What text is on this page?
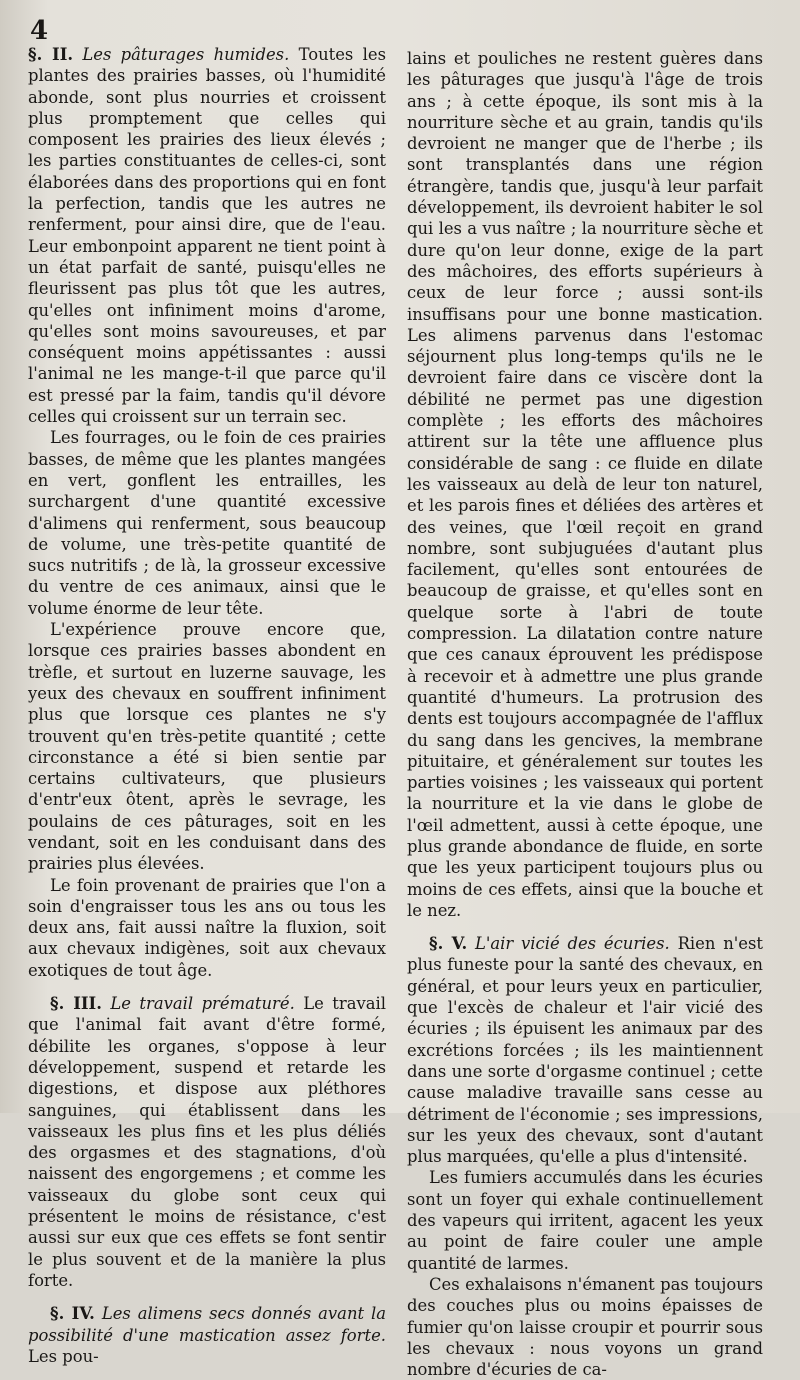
4

§. II. Les pâturages humides. Toutes les plantes des prairies basses, où l'humidité abonde, sont plus nourries et croissent plus promptement que celles qui composent les prairies des lieux élevés ; les parties constituantes de celles-ci, sont élaborées dans des proportions qui en font la perfection, tandis que les autres ne renferment, pour ainsi dire, que de l'eau. Leur embonpoint apparent ne tient point à un état parfait de santé, puisqu'elles ne fleurissent pas plus tôt que les autres, qu'elles ont infiniment moins d'arome, qu'elles sont moins savoureuses, et par conséquent moins appétissantes : aussi l'animal ne les mange-t-il que parce qu'il est pressé par la faim, tandis qu'il dévore celles qui croissent sur un terrain sec.

Les fourrages, ou le foin de ces prairies basses, de même que les plantes mangées en vert, gonflent les entrailles, les surchargent d'une quantité excessive d'alimens qui renferment, sous beaucoup de volume, une très-petite quantité de sucs nutritifs ; de là, la grosseur excessive du ventre de ces animaux, ainsi que le volume énorme de leur tête.

L'expérience prouve encore que, lorsque ces prairies basses abondent en trèfle, et surtout en luzerne sauvage, les yeux des chevaux en souffrent infiniment plus que lorsque ces plantes ne s'y trouvent qu'en très-petite quantité ; cette circonstance a été si bien sentie par certains cultivateurs, que plusieurs d'entr'eux ôtent, après le sevrage, les poulains de ces pâturages, soit en les vendant, soit en les conduisant dans des prairies plus élevées.

Le foin provenant de prairies que l'on a soin d'engraisser tous les ans ou tous les deux ans, fait aussi naître la fluxion, soit aux chevaux indigènes, soit aux chevaux exotiques de tout âge.

§. III. Le travail prématuré. Le travail que l'animal fait avant d'être formé, débilite les organes, s'oppose à leur développement, suspend et retarde les digestions, et dispose aux pléthores sanguines, qui établissent dans les vaisseaux les plus fins et les plus déliés des orgasmes et des stagnations, d'où naissent des engorgemens ; et comme les vaisseaux du globe sont ceux qui présentent le moins de résistance, c'est aussi sur eux que ces effets se font sentir le plus souvent et de la manière la plus forte.

§. IV. Les alimens secs donnés avant la possibilité d'une mastication assez forte. Les pou-

lains et pouliches ne restent guères dans les pâturages que jusqu'à l'âge de trois ans ; à cette époque, ils sont mis à la nourriture sèche et au grain, tandis qu'ils devroient ne manger que de l'herbe ; ils sont transplantés dans une région étrangère, tandis que, jusqu'à leur parfait développement, ils devroient habiter le sol qui les a vus naître ; la nourriture sèche et dure qu'on leur donne, exige de la part des mâchoires, des efforts supérieurs à ceux de leur force ; aussi sont-ils insuffisans pour une bonne mastication. Les alimens parvenus dans l'estomac séjournent plus long-temps qu'ils ne le devroient faire dans ce viscère dont la débilité ne permet pas une digestion complète ; les efforts des mâchoires attirent sur la tête une affluence plus considérable de sang : ce fluide en dilate les vaisseaux au delà de leur ton naturel, et les parois fines et déliées des artères et des veines, que l'œil reçoit en grand nombre, sont subjuguées d'autant plus facilement, qu'elles sont entourées de beaucoup de graisse, et qu'elles sont en quelque sorte à l'abri de toute compression. La dilatation contre nature que ces canaux éprouvent les prédispose à recevoir et à admettre une plus grande quantité d'humeurs. La protrusion des dents est toujours accompagnée de l'afflux du sang dans les gencives, la membrane pituitaire, et généralement sur toutes les parties voisines ; les vaisseaux qui portent la nourriture et la vie dans le globe de l'œil admettent, aussi à cette époque, une plus grande abondance de fluide, en sorte que les yeux participent toujours plus ou moins de ces effets, ainsi que la bouche et le nez.

§. V. L'air vicié des écuries. Rien n'est plus funeste pour la santé des chevaux, en général, et pour leurs yeux en particulier, que l'excès de chaleur et l'air vicié des écuries ; ils épuisent les animaux par des excrétions forcées ; ils les maintiennent dans une sorte d'orgasme continuel ; cette cause maladive travaille sans cesse au détriment de l'économie ; ses impressions, sur les yeux des chevaux, sont d'autant plus marquées, qu'elle a plus d'intensité.

Les fumiers accumulés dans les écuries sont un foyer qui exhale continuellement des vapeurs qui irritent, agacent les yeux au point de faire couler une ample quantité de larmes.

Ces exhalaisons n'émanent pas toujours des couches plus ou moins épaisses de fumier qu'on laisse croupir et pourrir sous les chevaux : nous voyons un grand nombre d'écuries de ca-
